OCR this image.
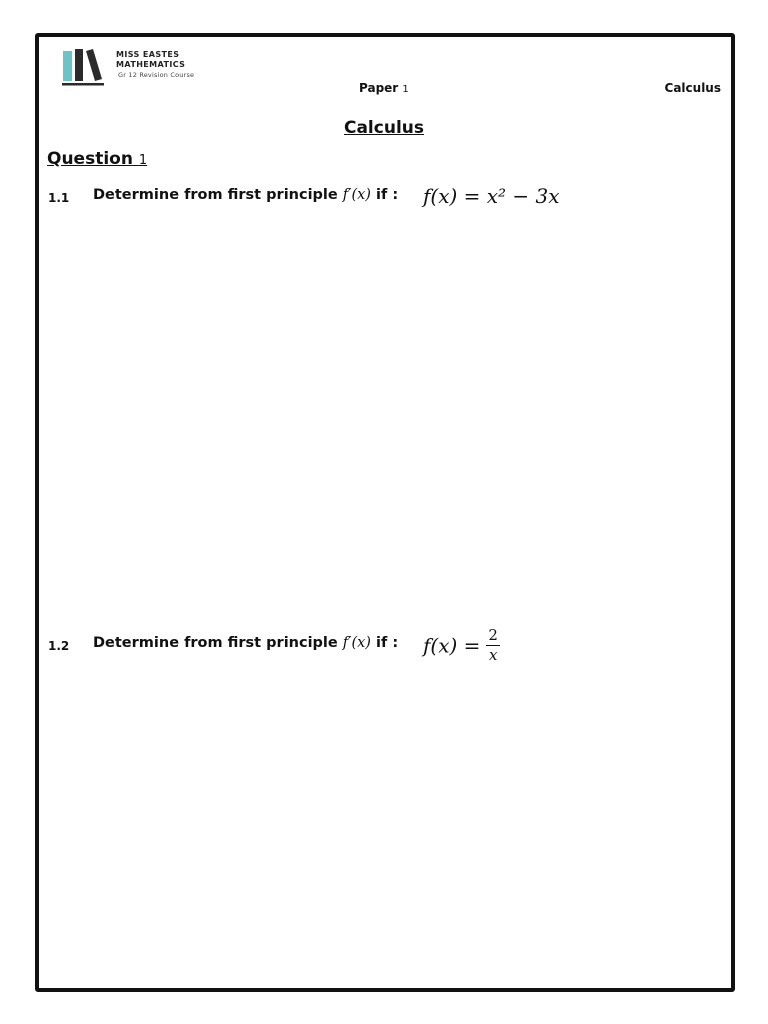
MISS EASTES
MATHEMATICS
Gr 12 Revision Course
Paper 1	Calculus
Calculus
Question 1
1.1 Determine from first principle f′(x) if : f(x) = x² − 3x
1.2 Determine from first principle f′(x) if : $f(x) = \frac{2}{x}$
